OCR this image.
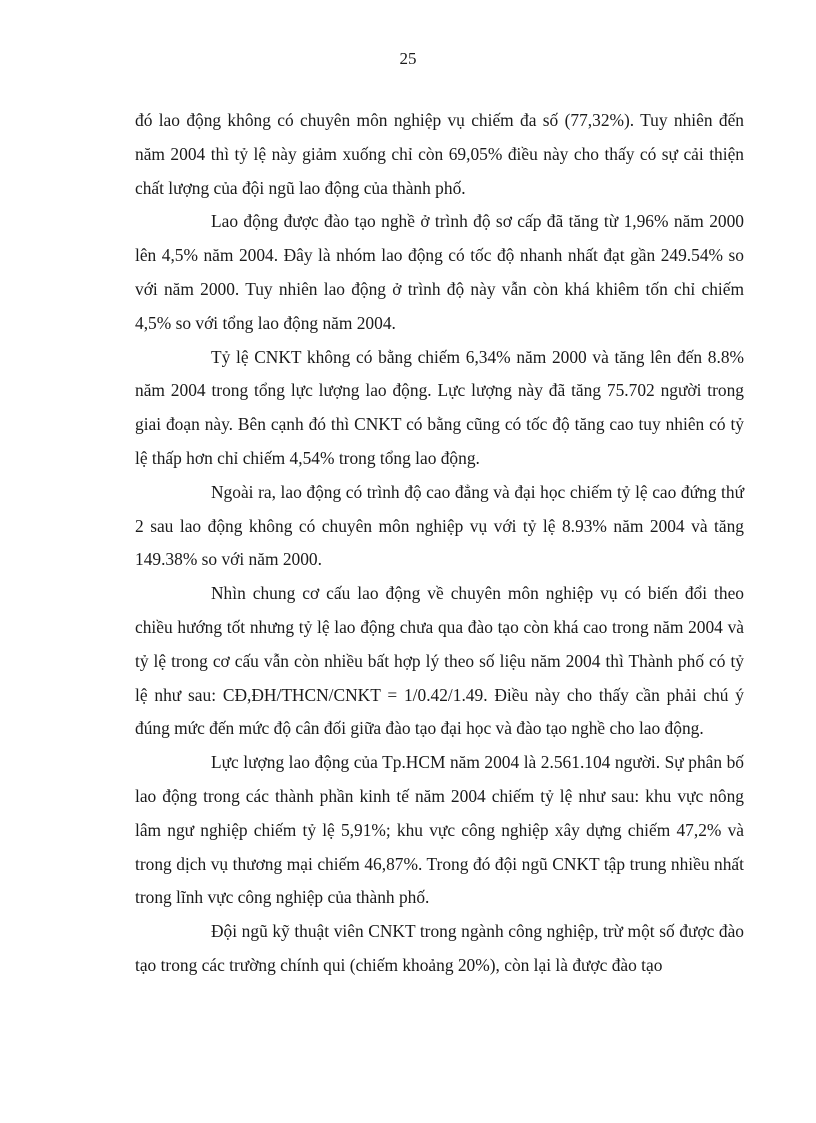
25

đó lao động không có chuyên môn nghiệp vụ chiếm đa số (77,32%). Tuy nhiên đến năm 2004 thì tỷ lệ này giảm xuống chỉ còn 69,05% điều này cho thấy có sự cải thiện chất lượng của đội ngũ lao động của thành phố.

Lao động được đào tạo nghề ở trình độ sơ cấp đã tăng từ 1,96% năm 2000 lên 4,5% năm 2004. Đây là nhóm lao động có tốc độ nhanh nhất đạt gần 249.54% so với năm 2000. Tuy nhiên lao động ở trình độ này vẫn còn khá khiêm tốn chỉ chiếm 4,5% so với tổng lao động năm 2004.

Tỷ lệ CNKT không có bằng chiếm 6,34% năm 2000 và tăng lên đến 8.8% năm 2004 trong tổng lực lượng lao động. Lực lượng này đã tăng 75.702 người trong giai đoạn này. Bên cạnh đó thì CNKT có bằng cũng có tốc độ tăng cao tuy nhiên có tỷ lệ thấp hơn chỉ chiếm 4,54% trong tổng lao động.

Ngoài ra, lao động có trình độ cao đẳng và đại học chiếm tỷ lệ cao đứng thứ 2 sau lao động không có chuyên môn nghiệp vụ với tỷ lệ 8.93% năm 2004 và tăng 149.38% so với năm 2000.

Nhìn chung cơ cấu lao động về chuyên môn nghiệp vụ có biến đổi theo chiều hướng tốt nhưng tỷ lệ lao động chưa qua đào tạo còn khá cao trong năm 2004 và tỷ lệ trong cơ cấu vẫn còn nhiều bất hợp lý theo số liệu năm 2004 thì Thành phố có tỷ lệ như sau: CĐ,ĐH/THCN/CNKT = 1/0.42/1.49. Điều này cho thấy cần phải chú ý đúng mức đến mức độ cân đối giữa đào tạo đại học và đào tạo nghề cho lao động.

Lực lượng lao động của Tp.HCM năm 2004 là 2.561.104 người. Sự phân bố lao động trong các thành phần kinh tế năm 2004 chiếm tỷ lệ như sau: khu vực nông lâm ngư nghiệp chiếm tỷ lệ 5,91%; khu vực công nghiệp xây dựng chiếm 47,2% và trong dịch vụ thương mại chiếm 46,87%. Trong đó đội ngũ CNKT tập trung nhiều nhất trong lĩnh vực công nghiệp của thành phố.

Đội ngũ kỹ thuật viên CNKT trong ngành công nghiệp, trừ một số được đào tạo trong các trường chính qui (chiếm khoảng 20%), còn lại là được đào tạo
